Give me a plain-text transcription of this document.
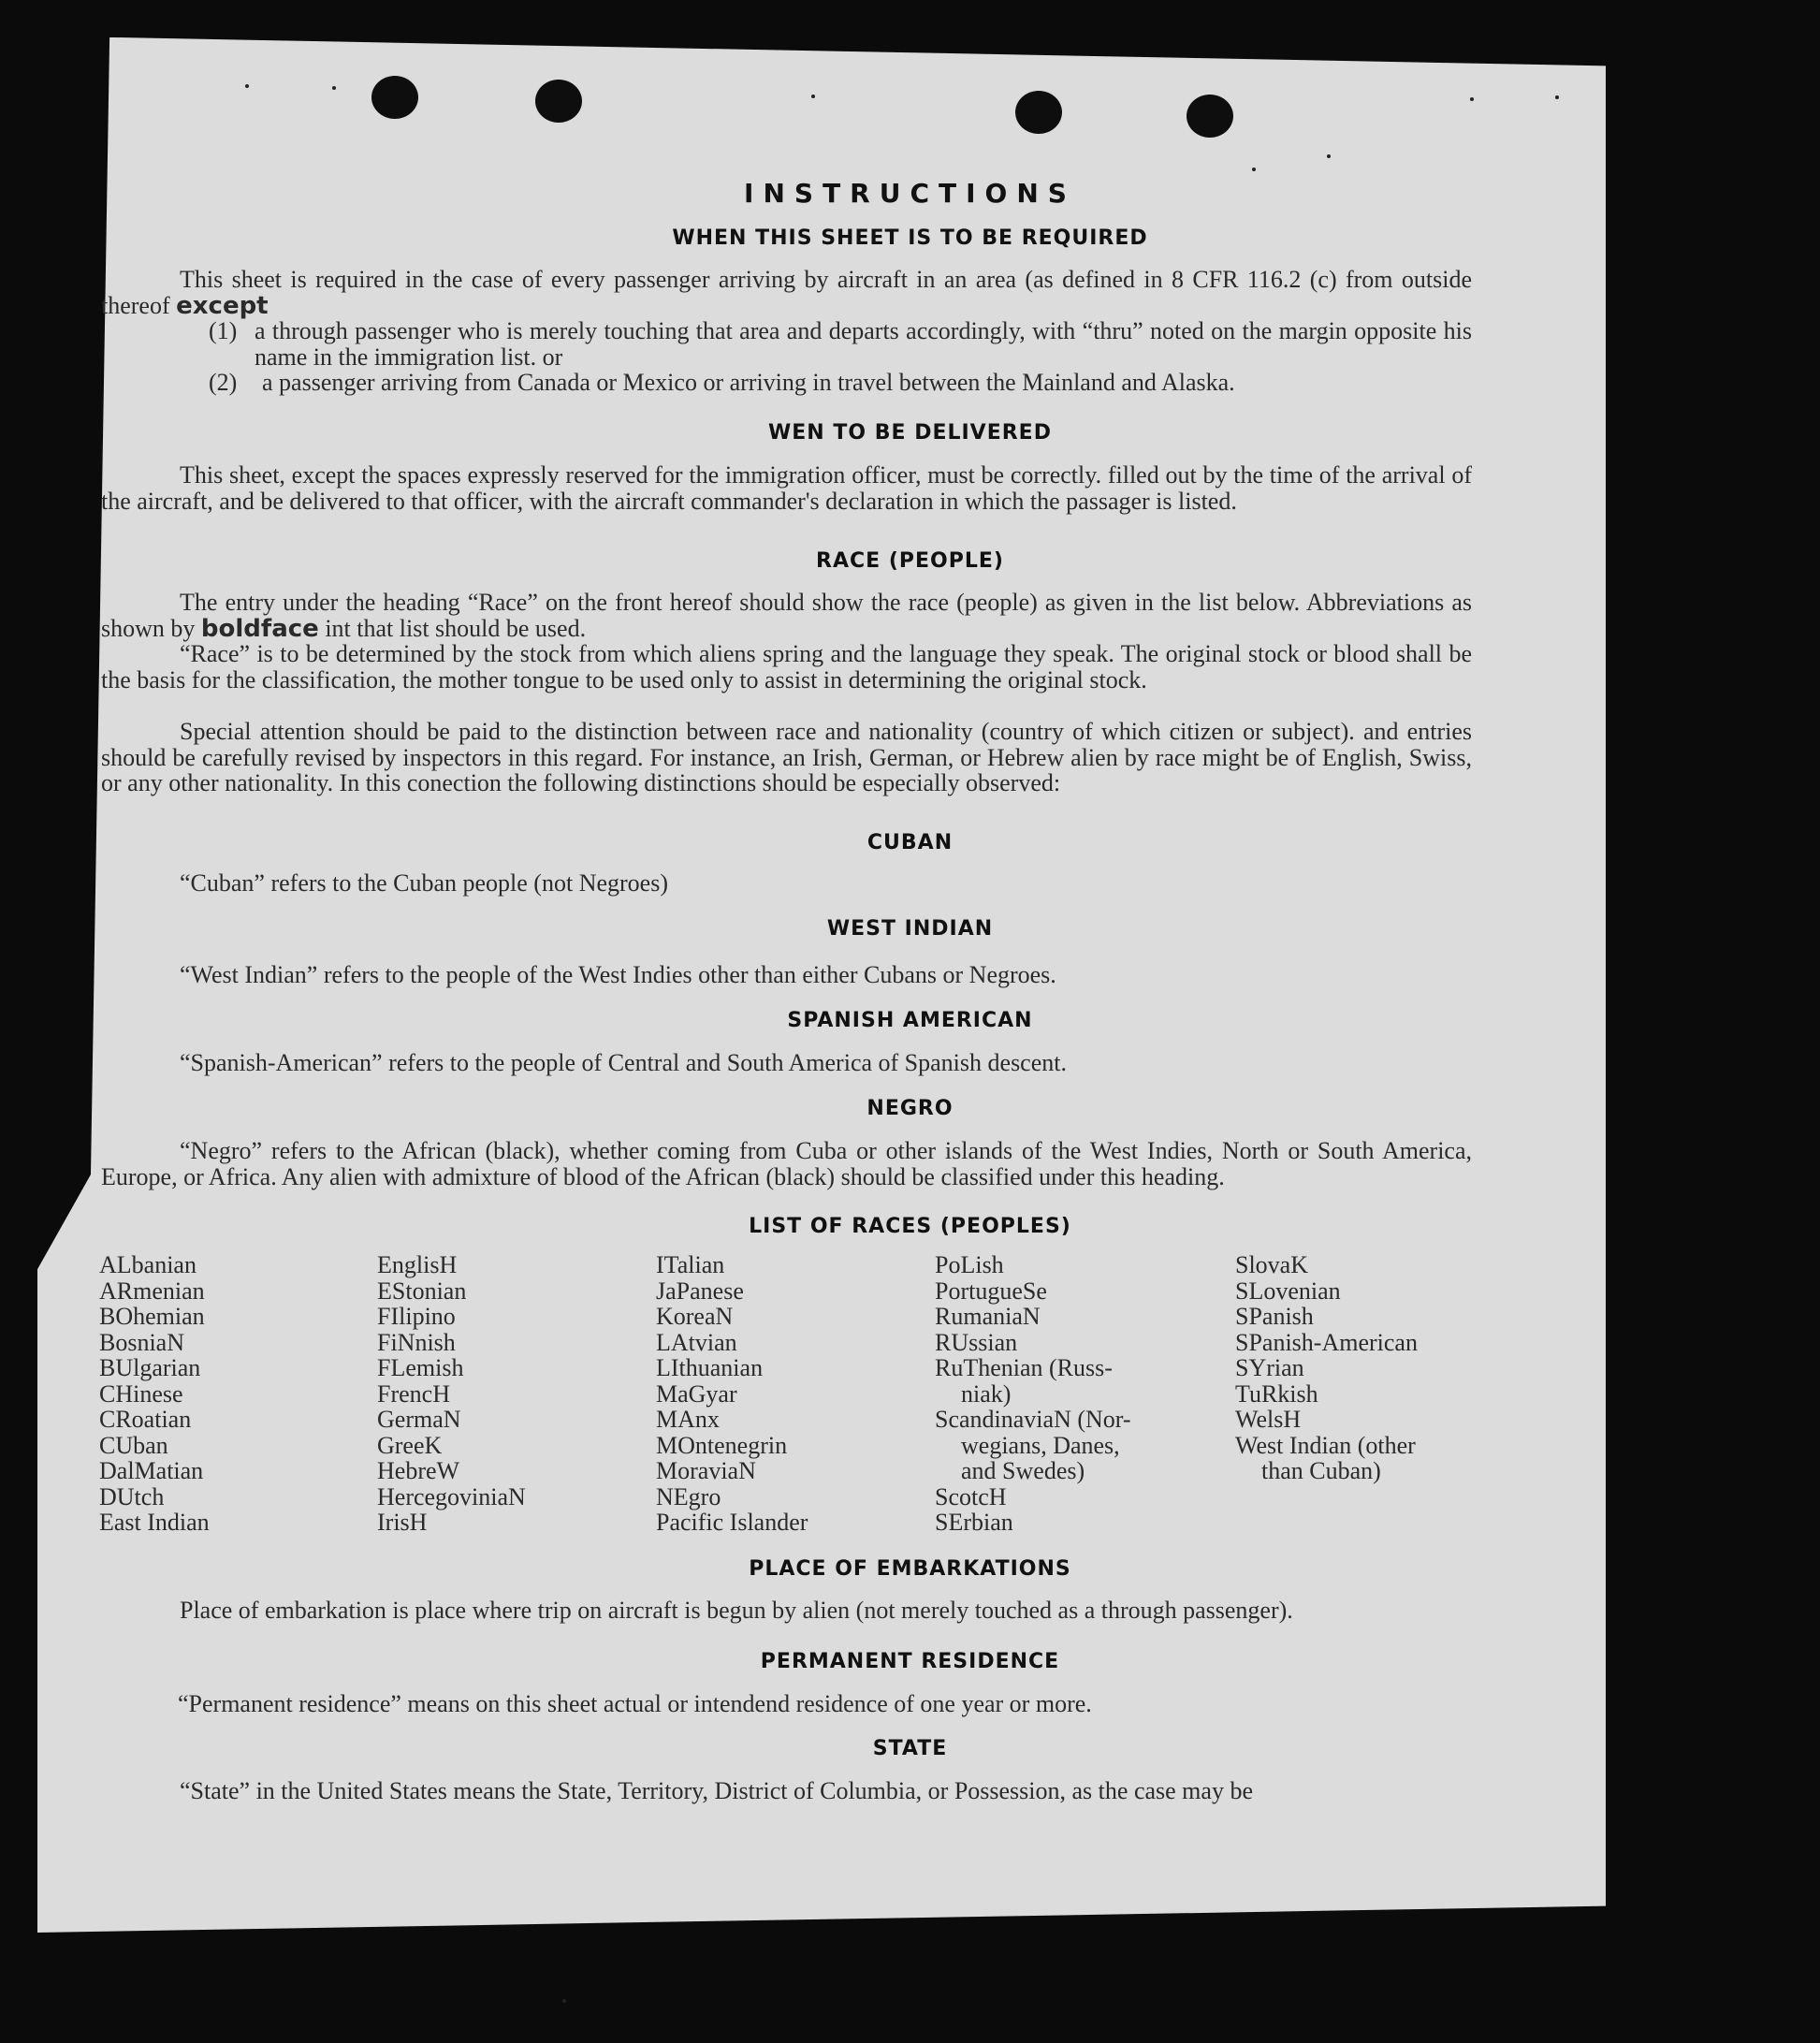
INSTRUCTIONS
WHEN THIS SHEET IS TO BE REQUIRED
This sheet is required in the case of every passenger arriving by aircraft in an area (as defined in 8 CFR 116.2 (c) from outside thereof except
(1) a through passenger who is merely touching that area and departs accordingly, with “thru” noted on the margin opposite his name in the immigration list. or
(2) a passenger arriving from Canada or Mexico or arriving in travel between the Mainland and Alaska.
WEN TO BE DELIVERED
This sheet, except the spaces expressly reserved for the immigration officer, must be correctly. filled out by the time of the arrival of the aircraft, and be delivered to that officer, with the aircraft commander's declaration in which the passager is listed.
RACE (PEOPLE)
The entry under the heading “Race” on the front hereof should show the race (people) as given in the list below. Abbreviations as shown by boldface int that list should be used.
“Race” is to be determined by the stock from which aliens spring and the language they speak. The original stock or blood shall be the basis for the classification, the mother tongue to be used only to assist in determining the original stock.
Special attention should be paid to the distinction between race and nationality (country of which citizen or subject). and entries should be carefully revised by inspectors in this regard. For instance, an Irish, German, or Hebrew alien by race might be of English, Swiss, or any other nationality. In this conection the following distinctions should be especially observed:
CUBAN
“Cuban” refers to the Cuban people (not Negroes)
WEST INDIAN
“West Indian” refers to the people of the West Indies other than either Cubans or Negroes.
SPANISH AMERICAN
“Spanish-American” refers to the people of Central and South America of Spanish descent.
NEGRO
“Negro” refers to the African (black), whether coming from Cuba or other islands of the West Indies, North or South America, Europe, or Africa. Any alien with admixture of blood of the African (black) should be classified under this heading.
LIST OF RACES (PEOPLES)
ALbanian
ARmenian
BOhemian
BosniaN
BUlgarian
CHinese
CRoatian
CUban
DalMatian
DUtch
East Indian
EnglisH
EStonian
FIlipino
FiNnish
FLemish
FrencH
GermaN
GreeK
HebreW
HercegoviniaN
IrisH
ITalian
JaPanese
KoreaN
LAtvian
LIthuanian
MaGyar
MAnx
MOntenegrin
MoraviaN
NEgro
Pacific Islander
PoLish
PortugueSe
RumaniaN
RUssian
RuThenian (Russ-
niak)
ScandinaviaN (Nor-
wegians, Danes,
and Swedes)
ScotcH
SErbian
SlovaK
SLovenian
SPanish
SPanish-American
SYrian
TuRkish
WelsH
West Indian (other
than Cuban)
PLACE OF EMBARKATIONS
Place of embarkation is place where trip on aircraft is begun by alien (not merely touched as a through passenger).
PERMANENT RESIDENCE
“Permanent residence” means on this sheet actual or intendend residence of one year or more.
STATE
“State” in the United States means the State, Territory, District of Columbia, or Possession, as the case may be
